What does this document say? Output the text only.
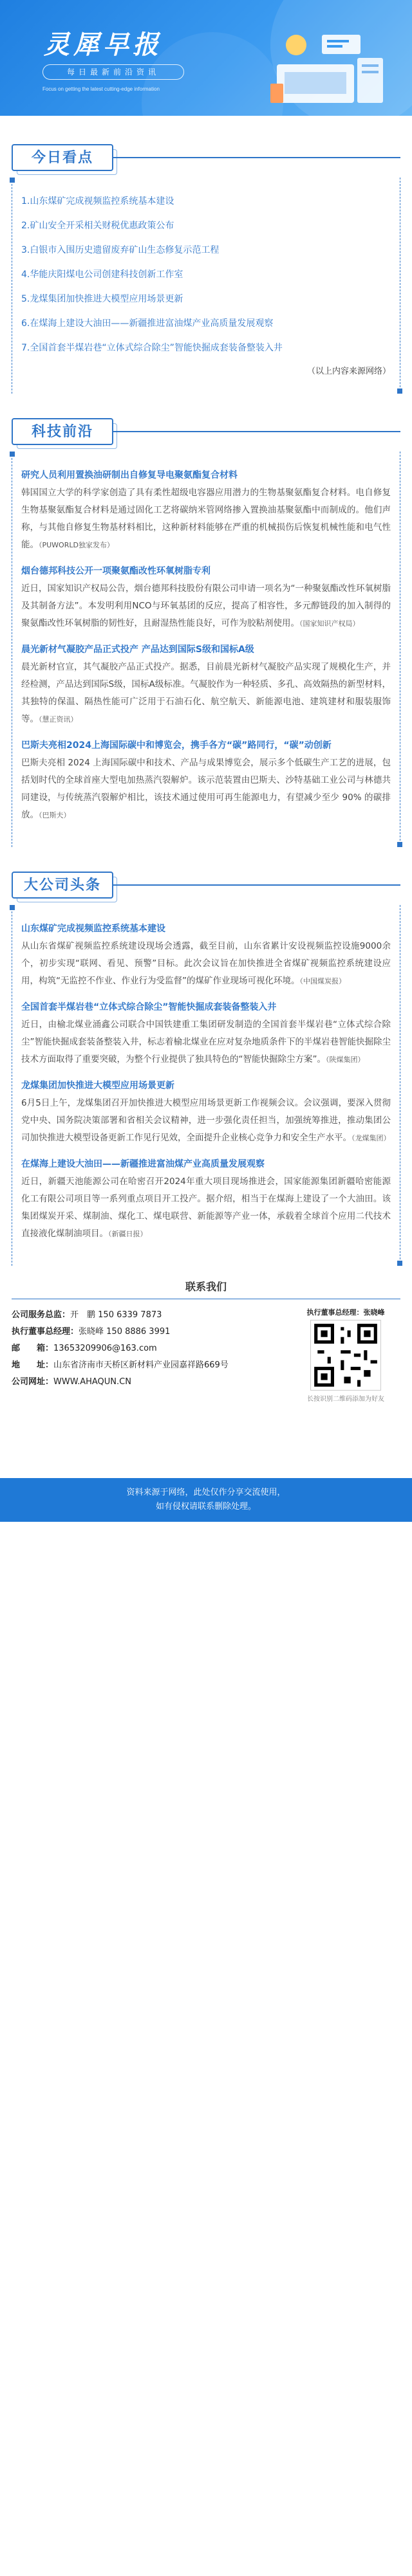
灵犀早报
每日最新前沿资讯
Focus on getting the latest cutting-edge information
今日看点
1.山东煤矿完成视频监控系统基本建设
2.矿山安全开采相关财税优惠政策公布
3.白银市入围历史遗留废弃矿山生态修复示范工程
4.华能庆阳煤电公司创建科技创新工作室
5.龙煤集团加快推进大模型应用场景更新
6.在煤海上建设大油田——新疆推进富油煤产业高质量发展观察
7.全国首套半煤岩巷“立体式综合除尘”智能快掘成套装备整装入井
（以上内容来源网络）
科技前沿
研究人员利用置换油研制出自修复导电聚氨酯复合材料
韩国国立大学的科学家创造了具有柔性超级电容器应用潜力的生物基聚氨酯复合材料。电自修复生物基聚氨酯复合材料是通过固化工艺将碳纳米管网络掺入置换油基聚氨酯中而制成的。他们声称，与其他自修复生物基材料相比，这种新材料能够在严重的机械损伤后恢复机械性能和电气性能。（PUWORLD独家发布）
烟台德邦科技公开一项聚氨酯改性环氧树脂专利
近日，国家知识产权局公告，烟台德邦科技股份有限公司申请一项名为“一种聚氨酯改性环氧树脂及其制备方法”。本发明利用NCO与环氧基团的反应，提高了相容性，多元醇链段的加入制得的聚氨酯改性环氧树脂的韧性好，且耐湿热性能良好，可作为胶粘剂使用。（国家知识产权局）
晨光新材气凝胶产品正式投产 产品达到国际S级和国标A级
晨光新材官宣，其气凝胶产品正式投产。据悉，目前晨光新材气凝胶产品实现了规模化生产，并经检测，产品达到国际S级，国标A级标准。气凝胶作为一种轻质、多孔、高效隔热的新型材料，其独特的保温、隔热性能可广泛用于石油石化、航空航天、新能源电池、建筑建材和服装服饰等。（慧正资讯）
巴斯夫亮相2024上海国际碳中和博览会，携手各方“碳”路同行，“碳”动创新
巴斯夫亮相 2024 上海国际碳中和技术、产品与成果博览会，展示多个低碳生产工艺的进展，包括划时代的全球首座大型电加热蒸汽裂解炉。该示范装置由巴斯夫、沙特基础工业公司与林德共同建设，与传统蒸汽裂解炉相比，该技术通过使用可再生能源电力，有望减少至少 90% 的碳排放。（巴斯夫）
大公司头条
山东煤矿完成视频监控系统基本建设
从山东省煤矿视频监控系统建设现场会透露，截至目前，山东省累计安设视频监控设施9000余个，初步实现“联网、看见、预警”目标。此次会议旨在加快推进全省煤矿视频监控系统建设应用，构筑“无监控不作业、作业行为受监督”的煤矿作业现场可视化环境。（中国煤炭报）
全国首套半煤岩巷“立体式综合除尘”智能快掘成套装备整装入井
近日，由榆北煤业涌鑫公司联合中国铁建重工集团研发制造的全国首套半煤岩巷“立体式综合除尘”智能快掘成套装备整装入井，标志着榆北煤业在应对复杂地质条件下的半煤岩巷智能快掘除尘技术方面取得了重要突破，为整个行业提供了独具特色的“智能快掘除尘方案”。（陕煤集团）
龙煤集团加快推进大模型应用场景更新
6月5日上午，龙煤集团召开加快推进大模型应用场景更新工作视频会议。会议强调，要深入贯彻党中央、国务院决策部署和省相关会议精神，进一步强化责任担当，加强统筹推进，推动集团公司加快推进大模型设备更新工作见行见效，全面提升企业核心竞争力和安全生产水平。（龙煤集团）
在煤海上建设大油田——新疆推进富油煤产业高质量发展观察
近日，新疆天池能源公司在哈密召开2024年重大项目现场推进会，国家能源集团新疆哈密能源化工有限公司项目等一系列重点项目开工投产。据介绍，相当于在煤海上建设了一个大油田。该集团煤炭开采、煤制油、煤化工、煤电联营、新能源等产业一体，承载着全球首个应用二代技术直接液化煤制油项目。（新疆日报）
联系我们
公司服务总监：开　鹏 150 6339 7873
执行董事总经理：张晓峰 150 8886 3991
邮　　箱：13653209906@163.com
地　　址：山东省济南市天桥区新材料产业园嘉祥路669号
公司网址：WWW.AHAQUN.CN
执行董事总经理：张晓峰
长按识别二维码添加为好友
资料来源于网络，此处仅作分享交流使用，
如有侵权请联系删除处理。
